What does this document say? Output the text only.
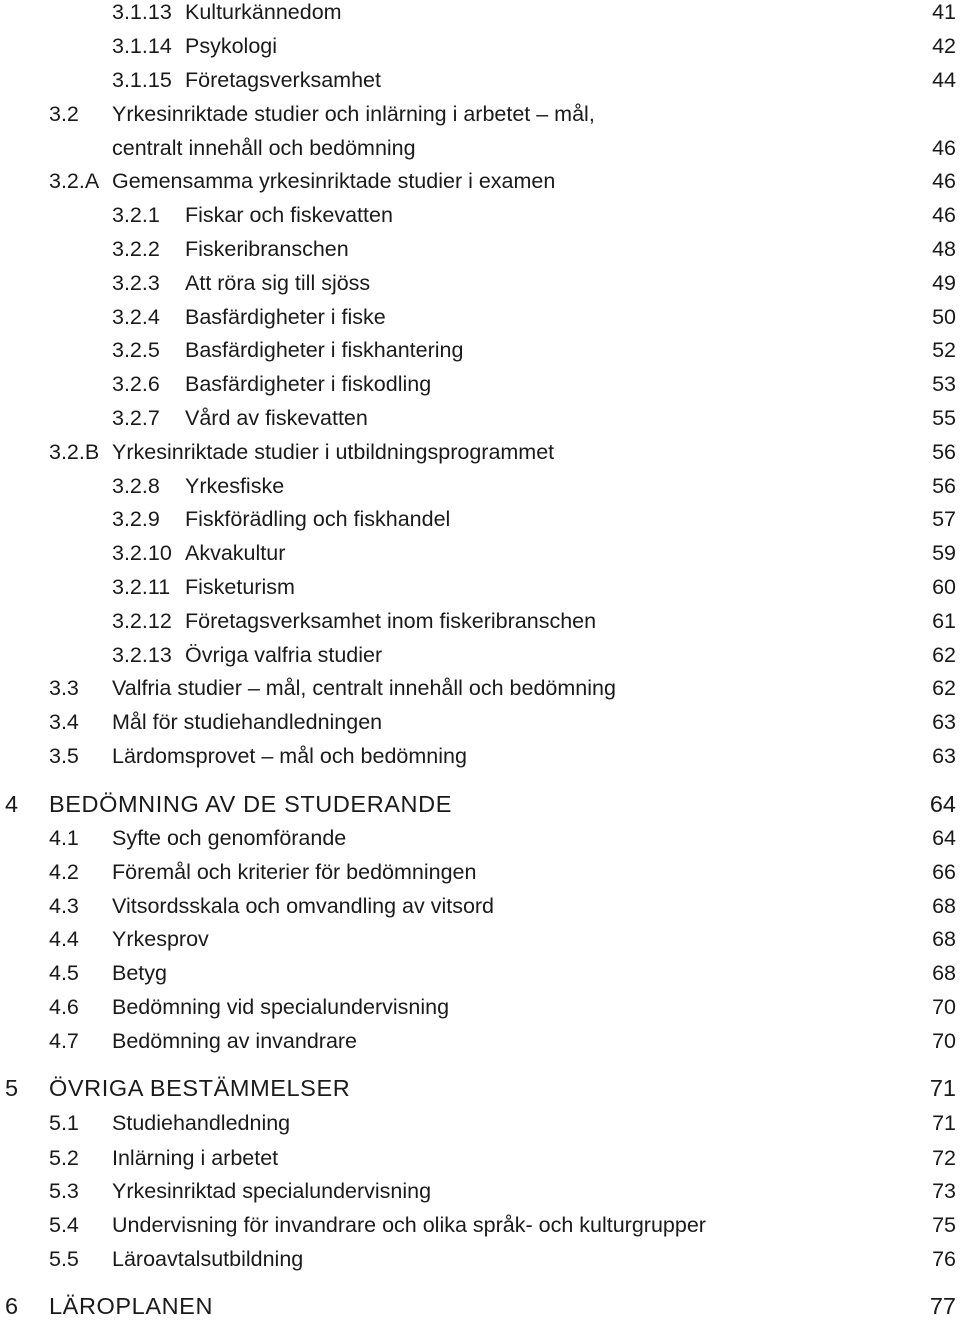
3.1.13 Kulturkännedom	41
3.1.14 Psykologi	42
3.1.15 Företagsverksamhet	44
3.2 Yrkesinriktade studier och inlärning i arbetet – mål,
centralt innehåll och bedömning	46
3.2.A Gemensamma yrkesinriktade studier i examen	46
3.2.1 Fiskar och fiskevatten	46
3.2.2 Fiskeribranschen	48
3.2.3 Att röra sig till sjöss	49
3.2.4 Basfärdigheter i fiske	50
3.2.5 Basfärdigheter i fiskhantering	52
3.2.6 Basfärdigheter i fiskodling	53
3.2.7 Vård av fiskevatten	55
3.2.B Yrkesinriktade studier i utbildningsprogrammet	56
3.2.8 Yrkesfiske	56
3.2.9 Fiskförädling och fiskhandel	57
3.2.10 Akvakultur	59
3.2.11 Fisketurism	60
3.2.12 Företagsverksamhet inom fiskeribranschen	61
3.2.13 Övriga valfria studier	62
3.3 Valfria studier – mål, centralt innehåll och bedömning	62
3.4 Mål för studiehandledningen	63
3.5 Lärdomsprovet – mål och bedömning	63
4 BEDÖMNING AV DE STUDERANDE	64
4.1 Syfte och genomförande	64
4.2 Föremål och kriterier för bedömningen	66
4.3 Vitsordsskala och omvandling av vitsord	68
4.4 Yrkesprov	68
4.5 Betyg	68
4.6 Bedömning vid specialundervisning	70
4.7 Bedömning av invandrare	70
5 ÖVRIGA BESTÄMMELSER	71
5.1 Studiehandledning	71
5.2 Inlärning i arbetet	72
5.3 Yrkesinriktad specialundervisning	73
5.4 Undervisning för invandrare och olika språk- och kulturgrupper	75
5.5 Läroavtalsutbildning	76
6 LÄROPLANEN	77
